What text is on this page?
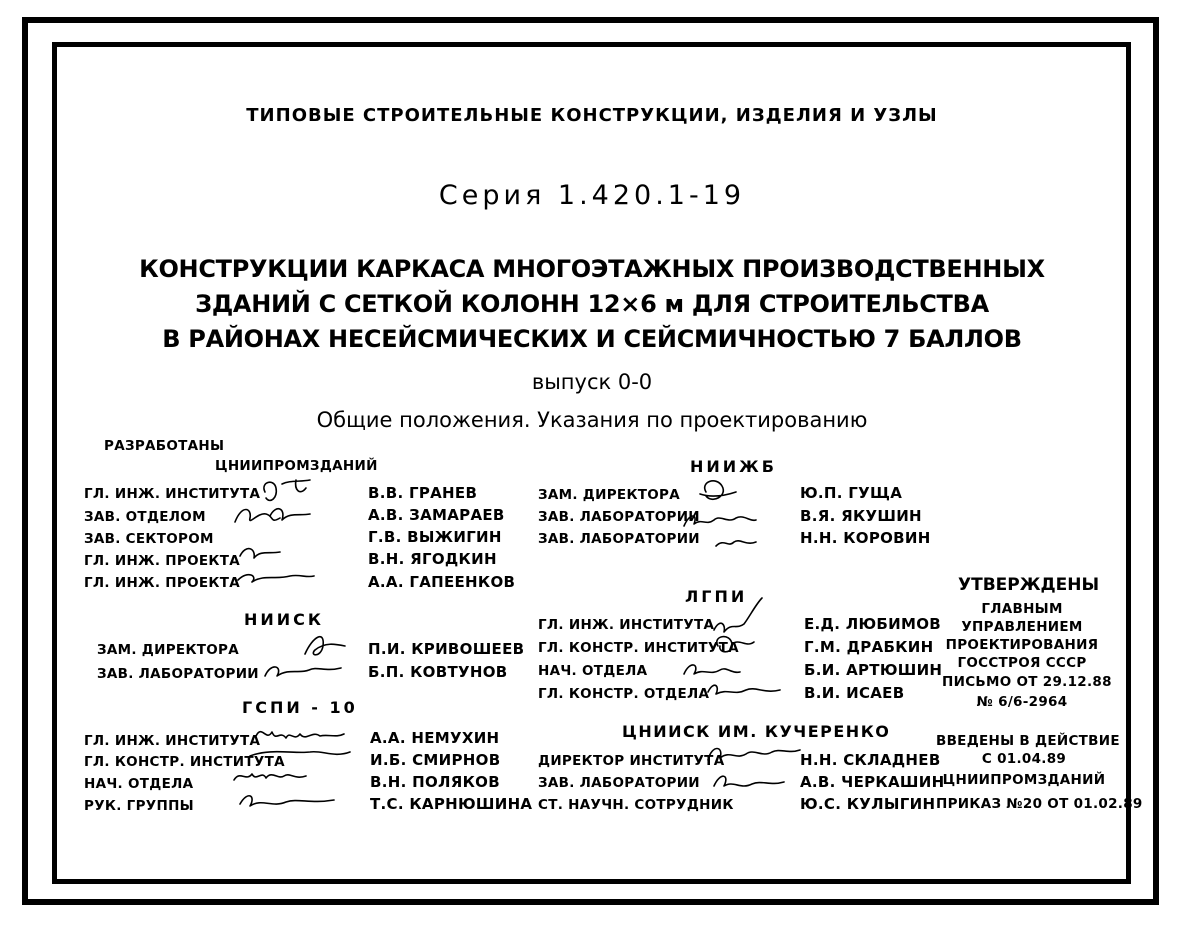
ТИПОВЫЕ СТРОИТЕЛЬНЫЕ КОНСТРУКЦИИ, ИЗДЕЛИЯ И УЗЛЫ
Серия 1.420.1-19
КОНСТРУКЦИИ КАРКАСА МНОГОЭТАЖНЫХ ПРОИЗВОДСТВЕННЫХ
ЗДАНИЙ С СЕТКОЙ КОЛОНН 12×6 м ДЛЯ СТРОИТЕЛЬСТВА
В РАЙОНАХ НЕСЕЙСМИЧЕСКИХ И СЕЙСМИЧНОСТЬЮ 7 БАЛЛОВ
выпуск 0-0
Общие положения. Указания по проектированию
РАЗРАБОТАНЫ
ЦНИИПРОМЗДАНИЙ
ГЛ. ИНЖ. ИНСТИТУТА	В.В. ГРАНЕВ
ЗАВ. ОТДЕЛОМ	А.В. ЗАМАРАЕВ
ЗАВ. СЕКТОРОМ	Г.В. ВЫЖИГИН
ГЛ. ИНЖ. ПРОЕКТА	В.Н. ЯГОДКИН
ГЛ. ИНЖ. ПРОЕКТА	А.А. ГАПЕЕНКОВ
НИИСК
ЗАМ. ДИРЕКТОРА	П.И. КРИВОШЕЕВ
ЗАВ. ЛАБОРАТОРИИ	Б.П. КОВТУНОВ
ГСПИ - 10
ГЛ. ИНЖ. ИНСТИТУТА	А.А. НЕМУХИН
ГЛ. КОНСТР. ИНСТИТУТА	И.Б. СМИРНОВ
НАЧ. ОТДЕЛА	В.Н. ПОЛЯКОВ
РУК. ГРУППЫ	Т.С. КАРНЮШИНА
НИИЖБ
ЗАМ. ДИРЕКТОРА	Ю.П. ГУЩА
ЗАВ. ЛАБОРАТОРИИ	В.Я. ЯКУШИН
ЗАВ. ЛАБОРАТОРИИ	Н.Н. КОРОВИН
ЛГПИ
ГЛ. ИНЖ. ИНСТИТУТА	Е.Д. ЛЮБИМОВ
ГЛ. КОНСТР. ИНСТИТУТА	Г.М. ДРАБКИН
НАЧ. ОТДЕЛА	Б.И. АРТЮШИН
ГЛ. КОНСТР. ОТДЕЛА	В.И. ИСАЕВ
ЦНИИСК ИМ. КУЧЕРЕНКО
ДИРЕКТОР ИНСТИТУТА	Н.Н. СКЛАДНЕВ
ЗАВ. ЛАБОРАТОРИИ	А.В. ЧЕРКАШИН
СТ. НАУЧН. СОТРУДНИК	Ю.С. КУЛЫГИН
УТВЕРЖДЕНЫ
ГЛАВНЫМ
УПРАВЛЕНИЕМ
ПРОЕКТИРОВАНИЯ
ГОССТРОЯ СССР
ПИСЬМО ОТ 29.12.88
№ 6/6-2964
ВВЕДЕНЫ В ДЕЙСТВИЕ
С 01.04.89
ЦНИИПРОМЗДАНИЙ
ПРИКАЗ №20 ОТ 01.02.89
